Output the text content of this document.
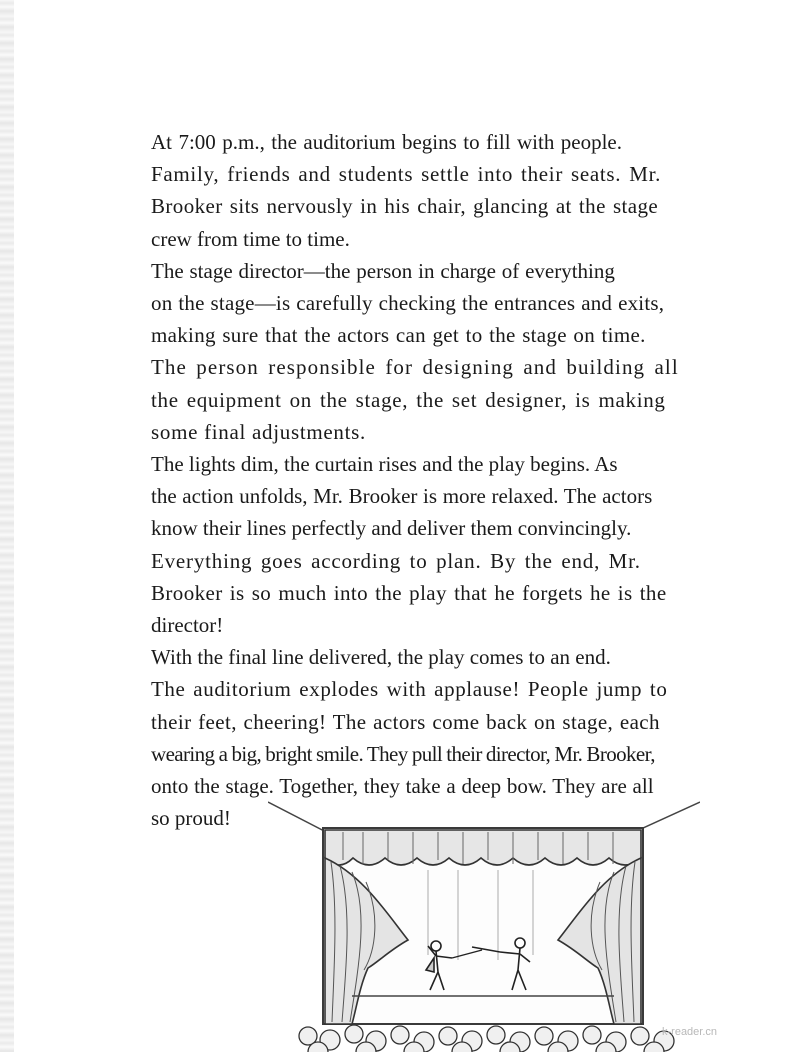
At 7:00 p.m., the auditorium begins to fill with people.
Family, friends and students settle into their seats. Mr.
Brooker sits nervously in his chair, glancing at the stage
crew from time to time.

The stage director—the person in charge of everything
on the stage—is carefully checking the entrances and exits,
making sure that the actors can get to the stage on time.
The person responsible for designing and building all
the equipment on the stage, the set designer, is making
some final adjustments.

The lights dim, the curtain rises and the play begins. As
the action unfolds, Mr. Brooker is more relaxed. The actors
know their lines perfectly and deliver them convincingly.

Everything goes according to plan. By the end, Mr.
Brooker is so much into the play that he forgets he is the
director!

With the final line delivered, the play comes to an end.
The auditorium explodes with applause! People jump to
their feet, cheering! The actors come back on stage, each
wearing a big, bright smile. They pull their director, Mr. Brooker,
onto the stage. Together, they take a deep bow. They are all
so proud!

k-reader.cn
